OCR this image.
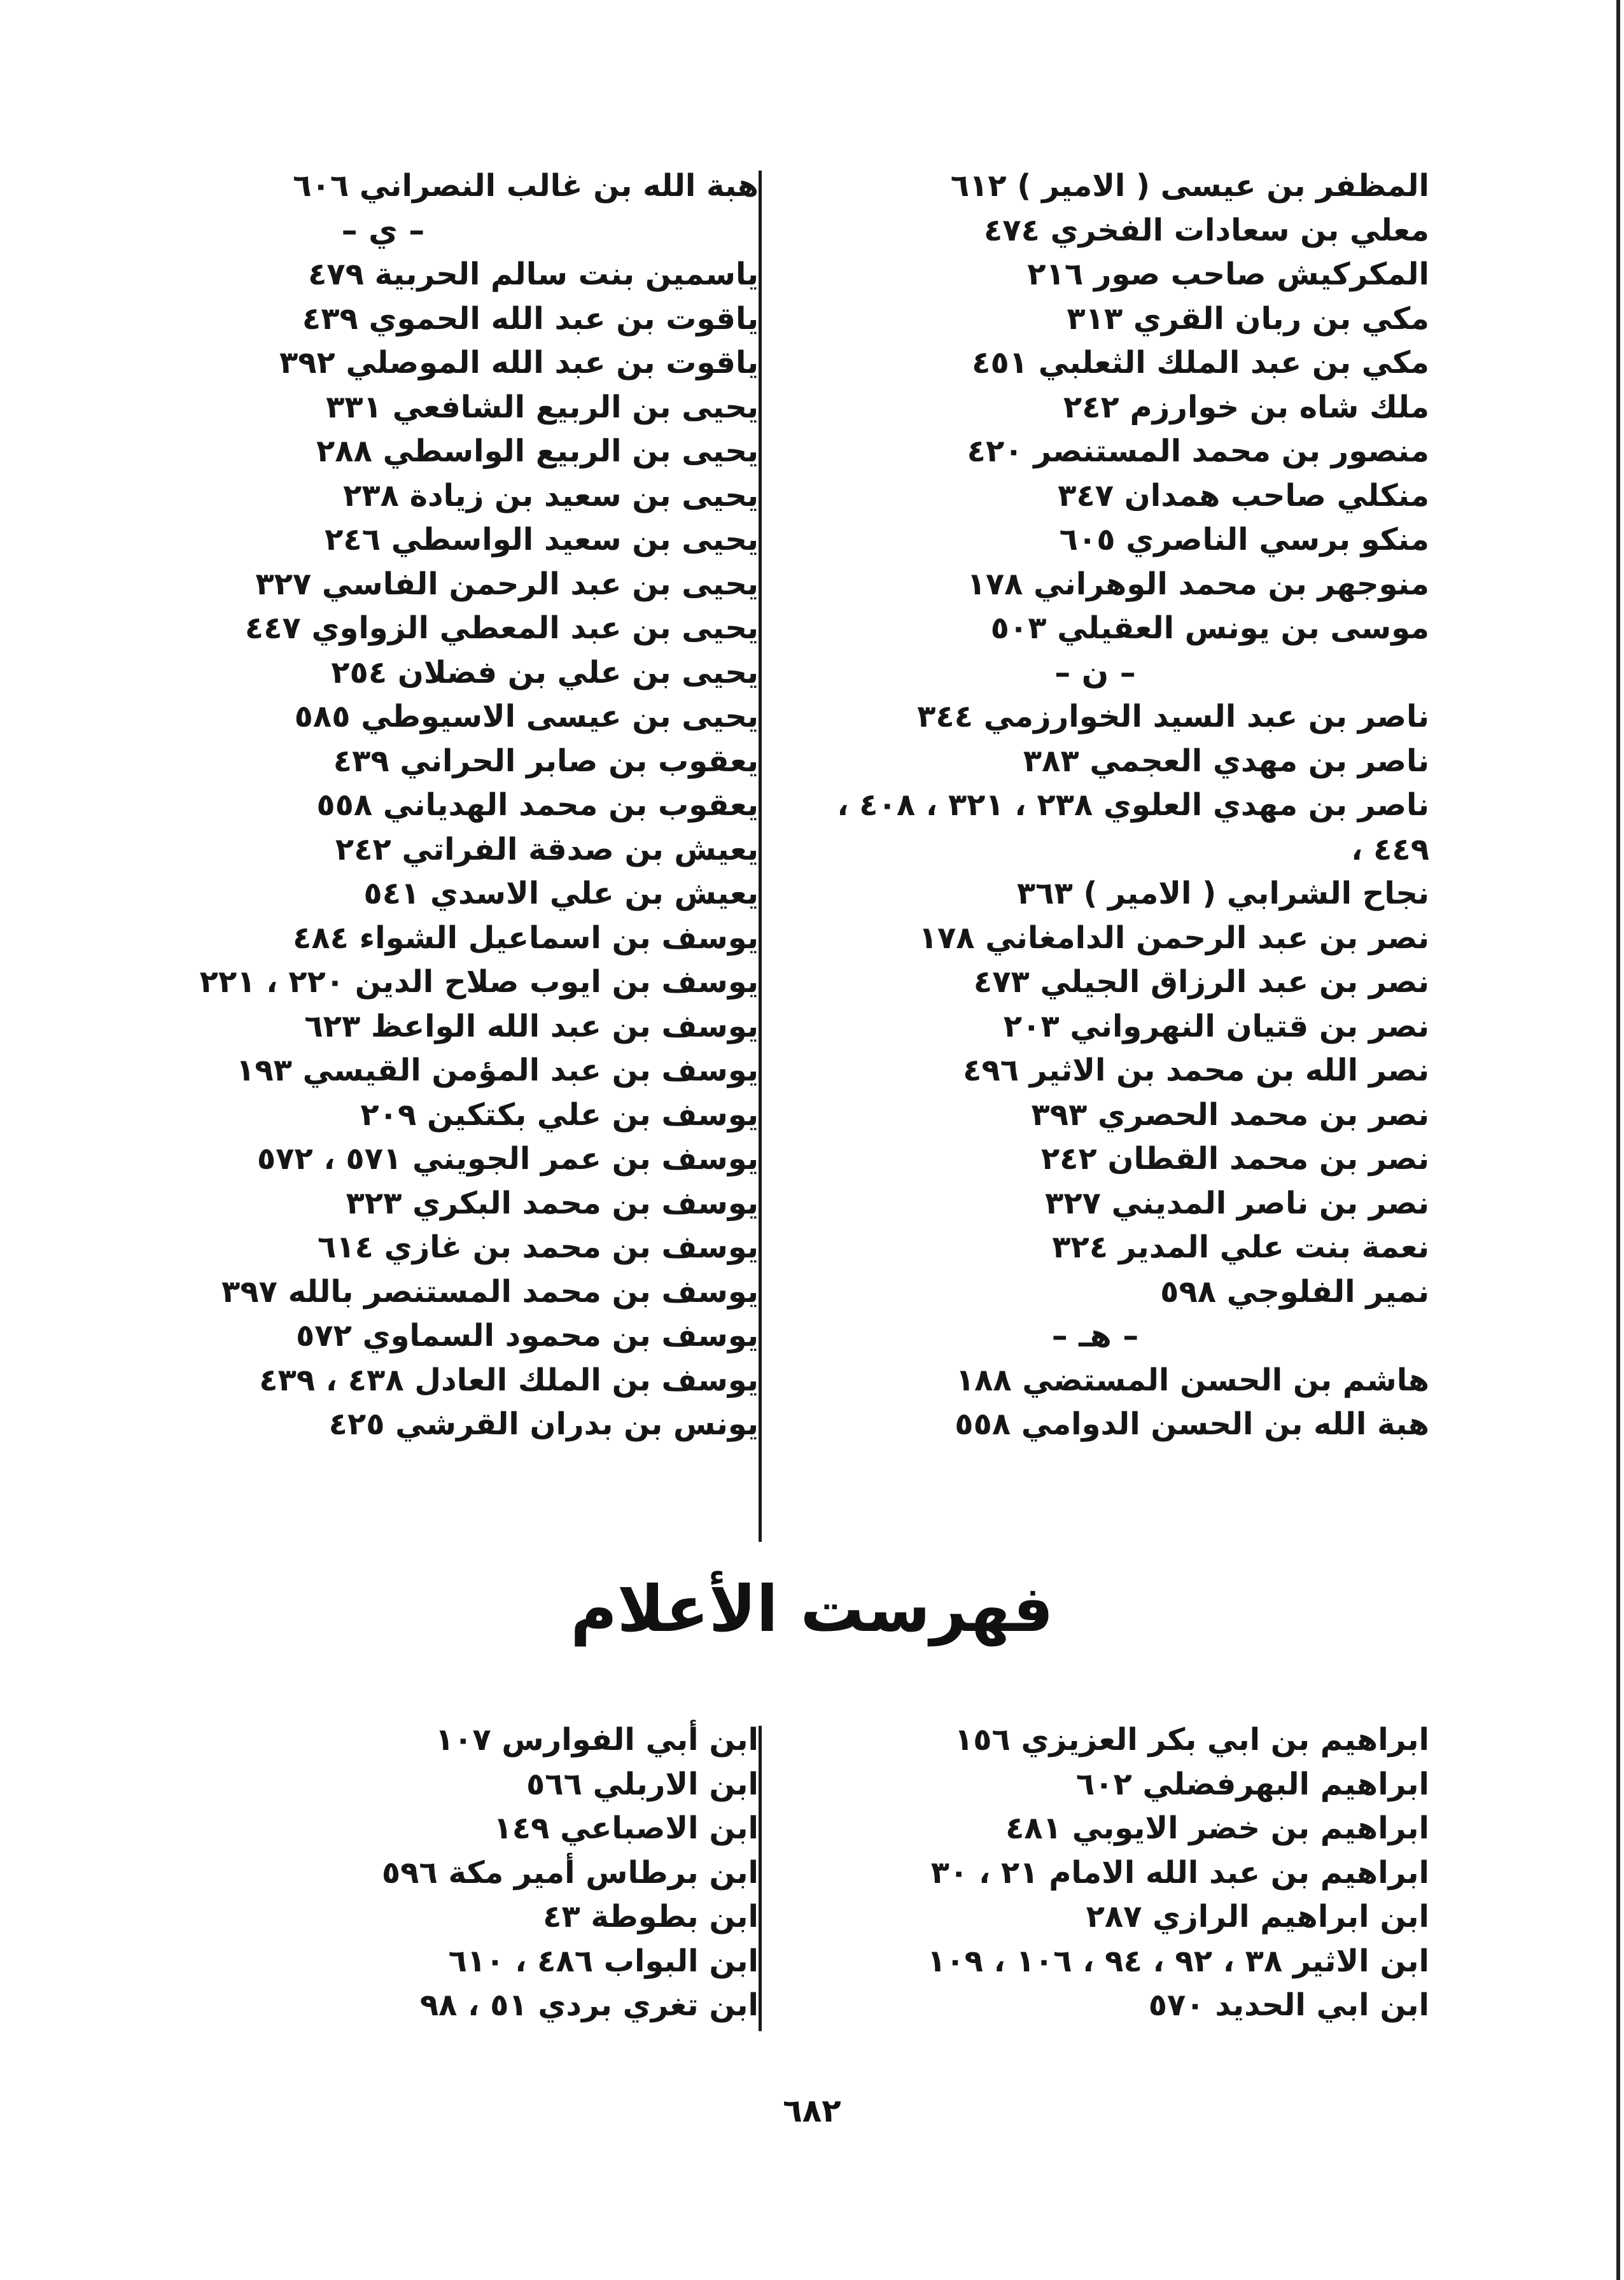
المظفر بن عيسى ( الامير ) ٦١٢
معلي بن سعادات الفخري ٤٧٤
المكركيش صاحب صور ٢١٦
مكي بن ربان القري ٣١٣
مكي بن عبد الملك الثعلبي ٤٥١
ملك شاه بن خوارزم ٢٤٢
منصور بن محمد المستنصر ٤٢٠
منكلي صاحب همدان ٣٤٧
منكو برسي الناصري ٦٠٥
منوجهر بن محمد الوهراني ١٧٨
موسى بن يونس العقيلي ٥٠٣
– ن –
ناصر بن عبد السيد الخوارزمي ٣٤٤
ناصر بن مهدي العجمي ٣٨٣
ناصر بن مهدي العلوي ٢٣٨ ، ٣٢١ ، ٤٠٨ ،
٤٤٩ ،
نجاح الشرابي ( الامير ) ٣٦٣
نصر بن عبد الرحمن الدامغاني ١٧٨
نصر بن عبد الرزاق الجيلي ٤٧٣
نصر بن قتيان النهرواني ٢٠٣
نصر الله بن محمد بن الاثير ٤٩٦
نصر بن محمد الحصري ٣٩٣
نصر بن محمد القطان ٢٤٢
نصر بن ناصر المديني ٣٢٧
نعمة بنت علي المدير ٣٢٤
نمير الفلوجي ٥٩٨
– هـ –
هاشم بن الحسن المستضي ١٨٨
هبة الله بن الحسن الدوامي ٥٥٨
هبة الله بن غالب النصراني ٦٠٦
– ي –
ياسمين بنت سالم الحربية ٤٧٩
ياقوت بن عبد الله الحموي ٤٣٩
ياقوت بن عبد الله الموصلي ٣٩٢
يحيى بن الربيع الشافعي ٣٣١
يحيى بن الربيع الواسطي ٢٨٨
يحيى بن سعيد بن زيادة ٢٣٨
يحيى بن سعيد الواسطي ٢٤٦
يحيى بن عبد الرحمن الفاسي ٣٢٧
يحيى بن عبد المعطي الزواوي ٤٤٧
يحيى بن علي بن فضلان ٢٥٤
يحيى بن عيسى الاسيوطي ٥٨٥
يعقوب بن صابر الحراني ٤٣٩
يعقوب بن محمد الهدياني ٥٥٨
يعيش بن صدقة الفراتي ٢٤٢
يعيش بن علي الاسدي ٥٤١
يوسف بن اسماعيل الشواء ٤٨٤
يوسف بن ايوب صلاح الدين ٢٢٠ ، ٢٢١
يوسف بن عبد الله الواعظ ٦٢٣
يوسف بن عبد المؤمن القيسي ١٩٣
يوسف بن علي بكتكين ٢٠٩
يوسف بن عمر الجويني ٥٧١ ، ٥٧٢
يوسف بن محمد البكري ٣٢٣
يوسف بن محمد بن غازي ٦١٤
يوسف بن محمد المستنصر بالله ٣٩٧
يوسف بن محمود السماوي ٥٧٢
يوسف بن الملك العادل ٤٣٨ ، ٤٣٩
يونس بن بدران القرشي ٤٢٥
فهرست الأعلام
ابراهيم بن ابي بكر العزيزي ١٥٦
ابراهيم البهرفضلي ٦٠٢
ابراهيم بن خضر الايوبي ٤٨١
ابراهيم بن عبد الله الامام ٢١ ، ٣٠
ابن ابراهيم الرازي ٢٨٧
ابن الاثير ٣٨ ، ٩٢ ، ٩٤ ، ١٠٦ ، ١٠٩
ابن ابي الحديد ٥٧٠
ابن أبي الفوارس ١٠٧
ابن الاربلي ٥٦٦
ابن الاصباعي ١٤٩
ابن برطاس أمير مكة ٥٩٦
ابن بطوطة ٤٣
ابن البواب ٤٨٦ ، ٦١٠
ابن تغري بردي ٥١ ، ٩٨
٦٨٢
